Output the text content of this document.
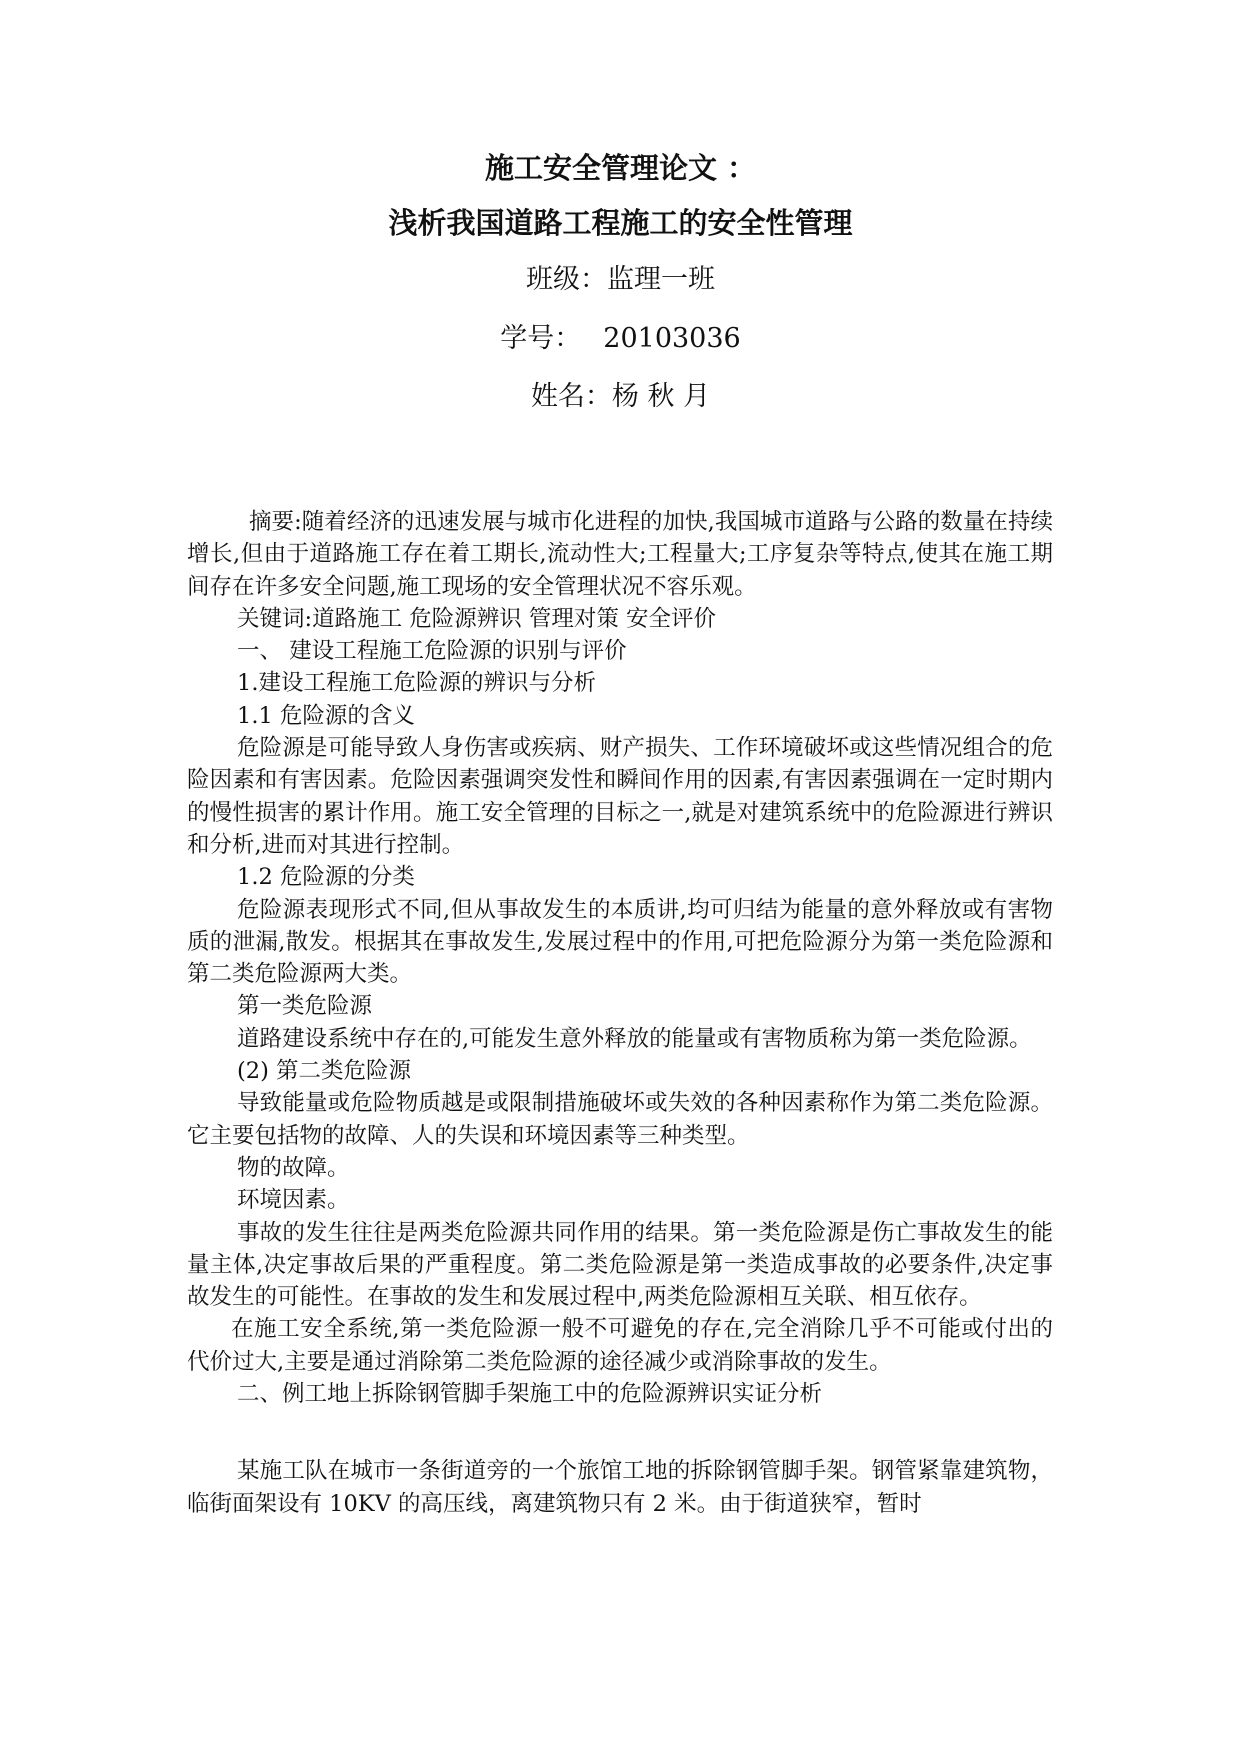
施工安全管理论文 ：
浅析我国道路工程施工的安全性管理
班级：监理一班
学号： 20103036
姓名：杨 秋 月

摘要:随着经济的迅速发展与城市化进程的加快,我国城市道路与公路的数量在持续增长,但由于道路施工存在着工期长,流动性大;工程量大;工序复杂等特点,使其在施工期间存在许多安全问题,施工现场的安全管理状况不容乐观。

关键词:道路施工 危险源辨识 管理对策 安全评价

一、 建设工程施工危险源的识别与评价

1.建设工程施工危险源的辨识与分析

1.1 危险源的含义

危险源是可能导致人身伤害或疾病、财产损失、工作环境破坏或这些情况组合的危险因素和有害因素。危险因素强调突发性和瞬间作用的因素,有害因素强调在一定时期内的慢性损害的累计作用。施工安全管理的目标之一,就是对建筑系统中的危险源进行辨识和分析,进而对其进行控制。

1.2 危险源的分类

危险源表现形式不同,但从事故发生的本质讲,均可归结为能量的意外释放或有害物质的泄漏,散发。根据其在事故发生,发展过程中的作用,可把危险源分为第一类危险源和第二类危险源两大类。

第一类危险源

道路建设系统中存在的,可能发生意外释放的能量或有害物质称为第一类危险源。

(2) 第二类危险源

导致能量或危险物质越是或限制措施破坏或失效的各种因素称作为第二类危险源。它主要包括物的故障、人的失误和环境因素等三种类型。

物的故障。

环境因素。

事故的发生往往是两类危险源共同作用的结果。第一类危险源是伤亡事故发生的能量主体,决定事故后果的严重程度。第二类危险源是第一类造成事故的必要条件,决定事故发生的可能性。在事故的发生和发展过程中,两类危险源相互关联、相互依存。

在施工安全系统,第一类危险源一般不可避免的存在,完全消除几乎不可能或付出的代价过大,主要是通过消除第二类危险源的途径减少或消除事故的发生。

二、例工地上拆除钢管脚手架施工中的危险源辨识实证分析

某施工队在城市一条街道旁的一个旅馆工地的拆除钢管脚手架。钢管紧靠建筑物，临街面架设有 10KV 的高压线，离建筑物只有 2 米。由于街道狭窄，暂时
